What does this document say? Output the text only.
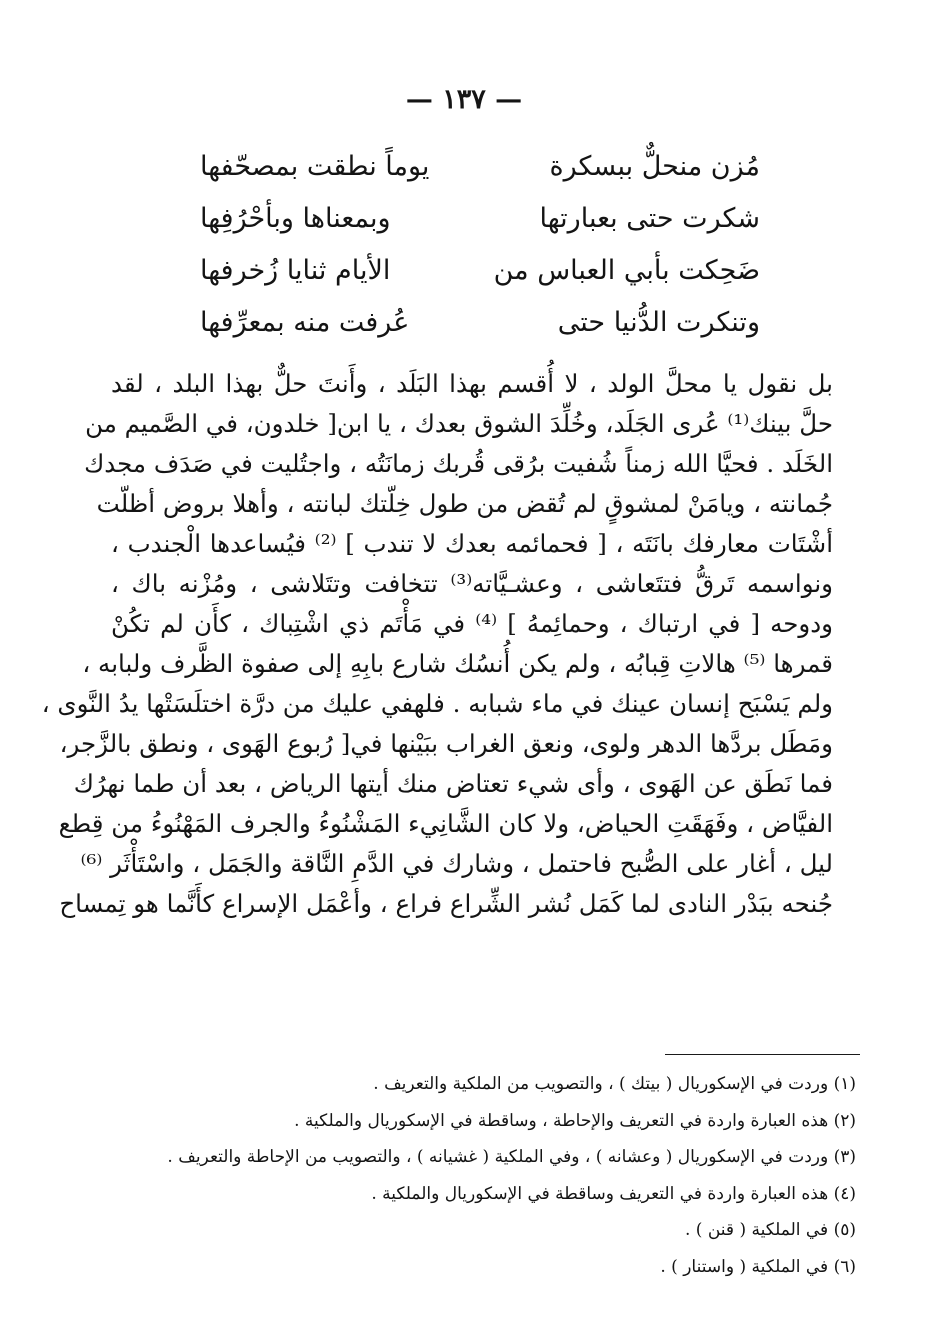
— ١٣٧ —
مُزن منحلٌّ ببسكرة
يوماً نطقت بمصحّفها
شكرت حتى بعبارتها
وبمعناها وبأحْرُفِها
ضَحِكت بأبي العباس من
الأيام ثنايا زُخرفها
وتنكرت الدُّنيا حتى
عُرفت منه بمعرِّفها
بل نقول يا محلَّ الولد ، لا أُقسم بهذا البَلَد ، وأَنتَ حلٌّ بهذا البلد ، لقد
حلَّ بينك⁽¹⁾ عُرى الجَلَد، وخُلِّدَ الشوق بعدك ، يا ابن[ خلدون، في الصَّميم من
الخَلَد . فحيَّا الله زمناً شُفيت برُقى قُربك زمانَتُه ، واجتُليت في صَدَف مجدك
جُمانته ، ويامَنْ لمشوقٍ لم تُقض من طول خِلّتك لبانته ، وأهلا بروض أظلّت
أشْتَات معارفك بانَتَه ، [ فحمائمه بعدك لا تندب ] ⁽²⁾ فيُساعدها الْجندب ،
ونواسمه تَرقُّ فتتَعاشى ، وعشـيَّاته⁽³⁾ تتخافت وتتَلاشى ، ومُزْنه باك ،
ودوحه [ في ارتباك ، وحمائِمهُ ] ⁽⁴⁾ في مَأْتَم ذي اشْتِباك ، كأَن لم تكُنْ
قمرها ⁽⁵⁾ هالاتِ قِبابُه ، ولم يكن أُنسُك شارع بابِهِ إلى صفوة الظَّرف ولبابه ،
ولم يَسْبَح إنسان عينك في ماء شبابه . فلهفي عليك من درَّة اختلَسَتْها يدُ النَّوى ،
ومَطَل بردَّها الدهر ولوى، ونعق الغراب ببَيْنها في[ رُبوع الهَوى ، ونطق بالزَّجر،
فما نَطَق عن الهَوى ، وأى شيء تعتاض منك أيتها الرياض ، بعد أن طما نهرُك
الفيَّاض ، وفَهَقَتِ الحياض، ولا كان الشَّانِيء المَشْنُوءُ والجرف المَهْنُوءُ من قِطع
ليل ، أغار على الصُّبح فاحتمل ، وشارك في الدَّمِ النَّاقة والجَمَل ، واسْتَأْثَر ⁽⁶⁾
جُنحه ببَدْر النادى لما كَمَل نُشر الشِّراع فراع ، وأعْمَل الإسراع كأَنَّما هو تِمساح
(١) وردت في الإسكوريال ( بيتك ) ، والتصويب من الملكية والتعريف .
(٢) هذه العبارة واردة في التعريف والإحاطة ، وساقطة في الإسكوريال والملكية .
(٣) وردت في الإسكوريال ( وعشانه ) ، وفي الملكية ( غشيانه ) ، والتصويب من الإحاطة والتعريف .
(٤) هذه العبارة واردة في التعريف وساقطة في الإسكوريال والملكية .
(٥) في الملكية ( قنن ) .
(٦) في الملكية ( واستنار ) .
